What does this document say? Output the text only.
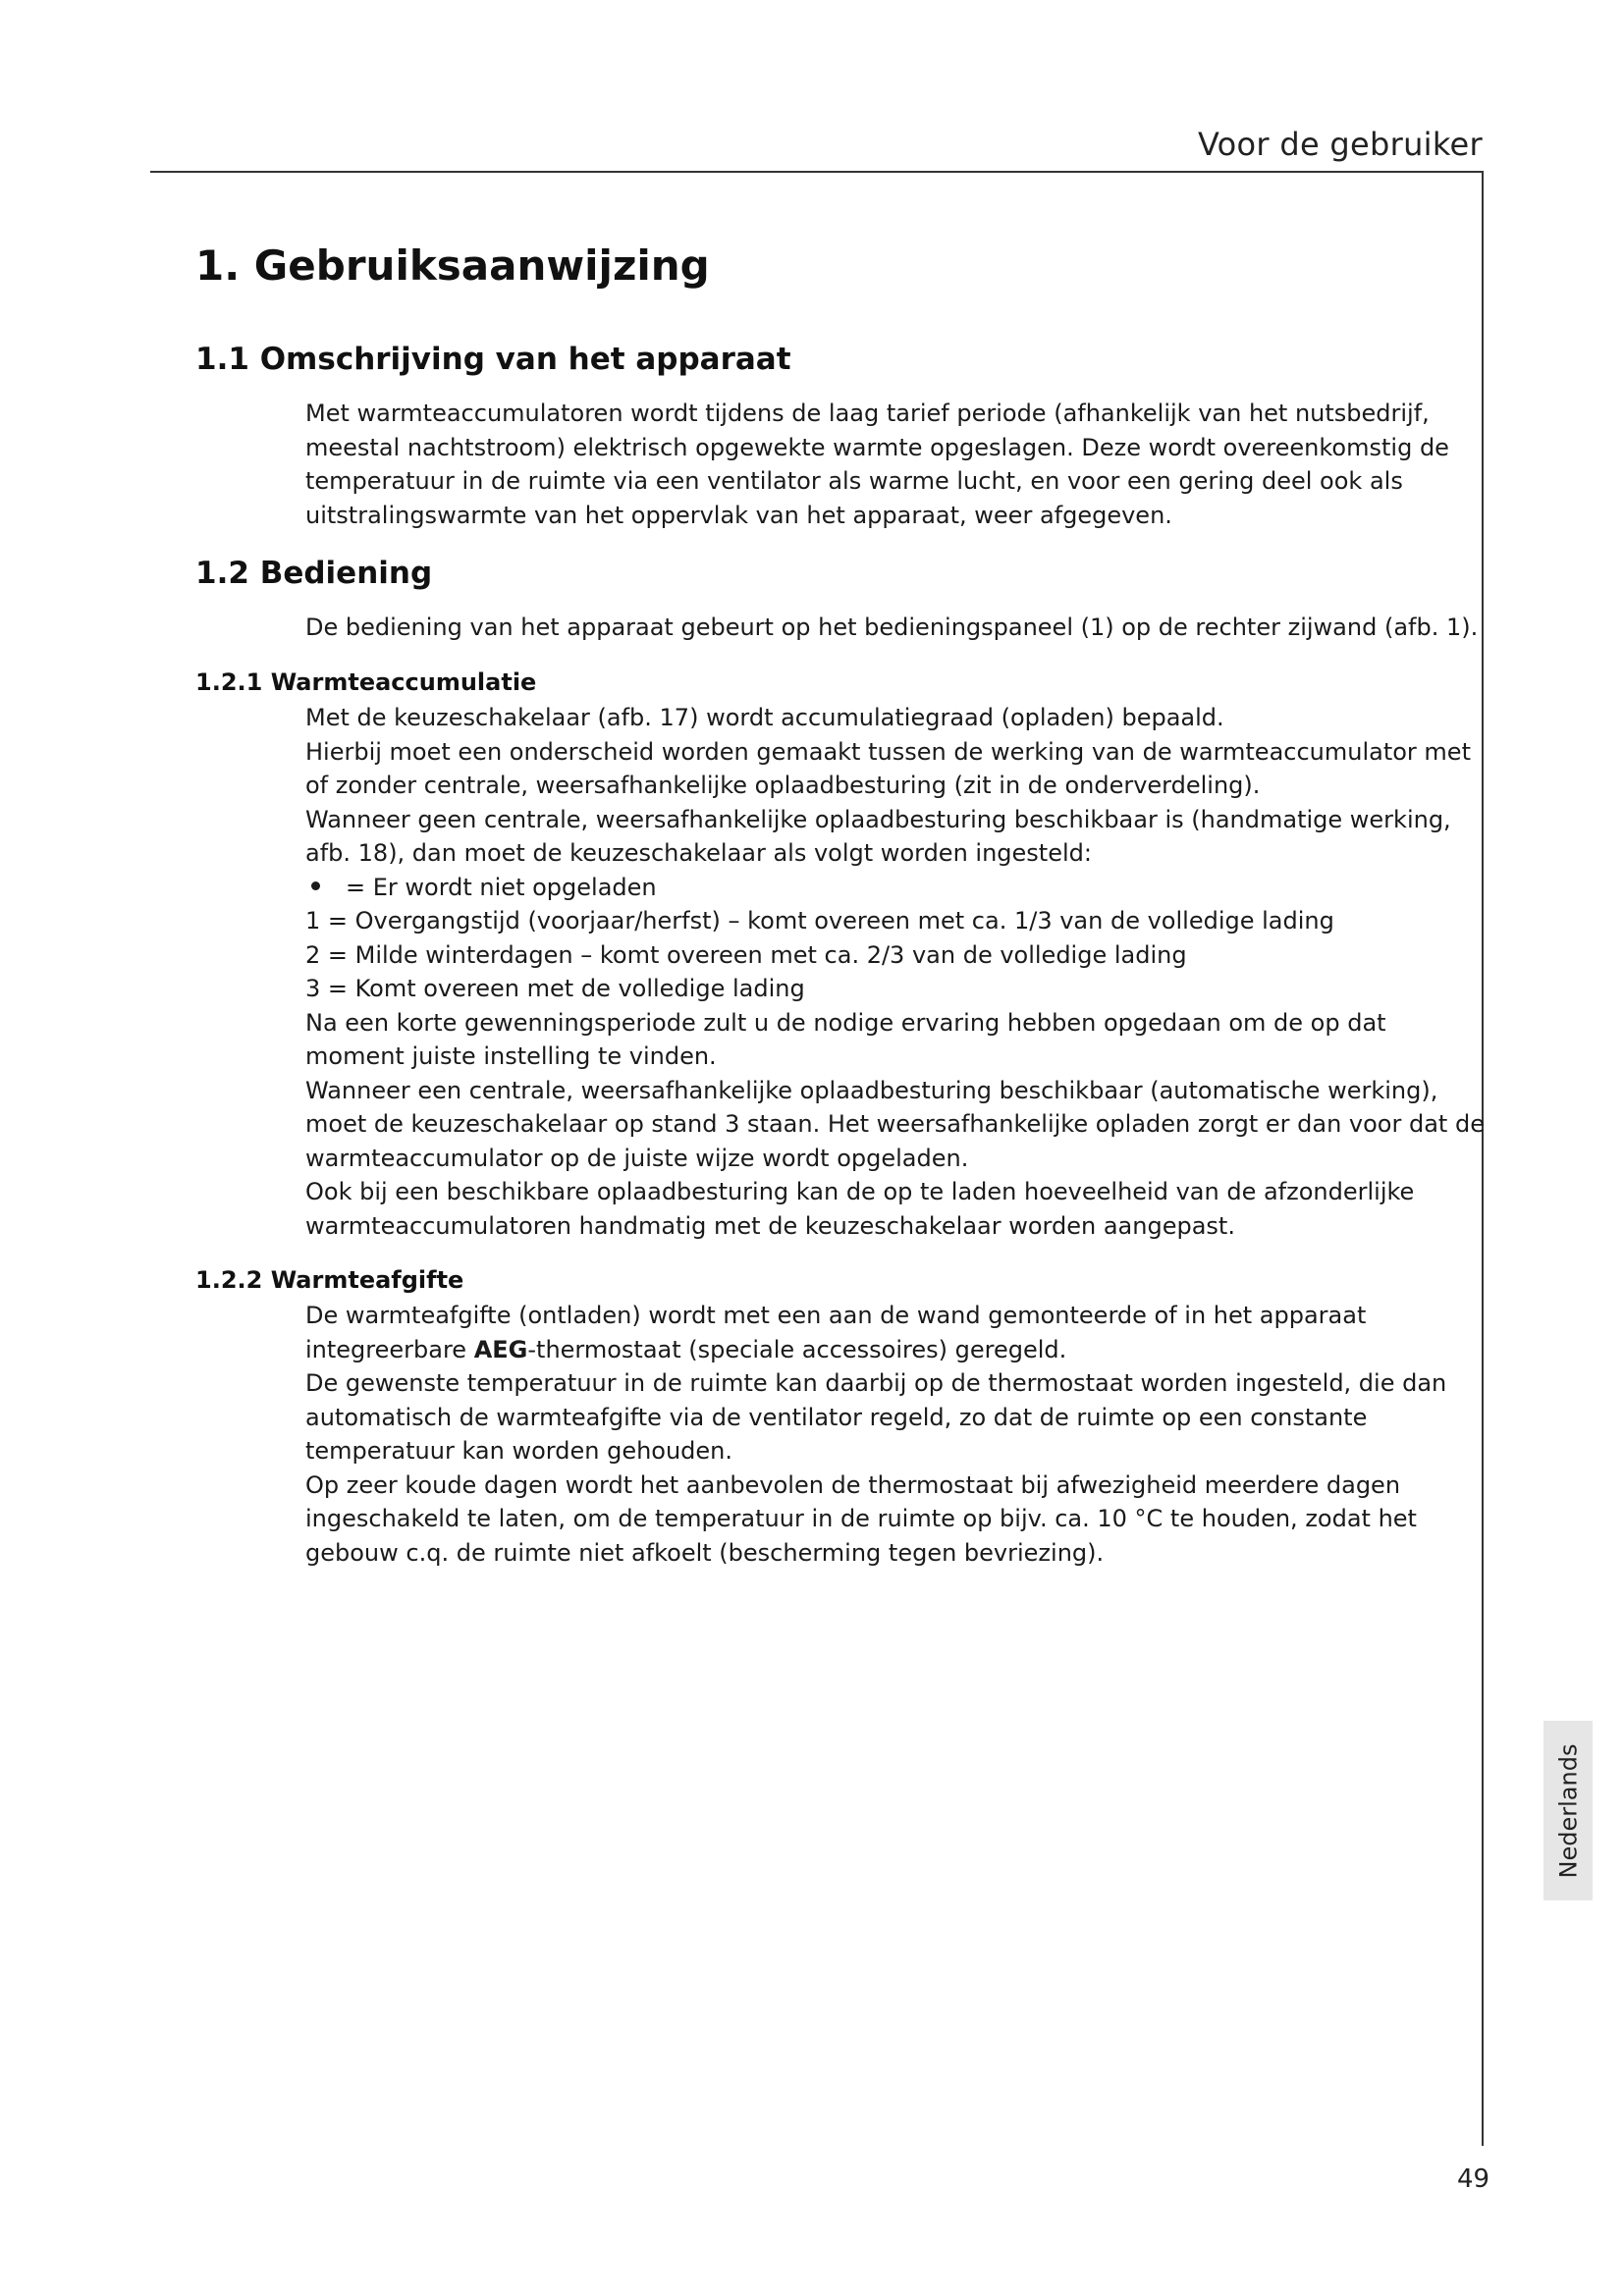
Voor de gebruiker
1. Gebruiksaanwijzing
1.1 Omschrijving van het apparaat

Met warmteaccumulatoren wordt tijdens de laag tarief periode (afhankelijk van het nutsbedrijf,

meestal nachtstroom) elektrisch opgewekte warmte opgeslagen. Deze wordt overeenkomstig de

temperatuur in de ruimte via een ventilator als warme lucht, en voor een gering deel ook als

uitstralingswarmte van het oppervlak van het apparaat, weer afgegeven.

1.2 Bediening

De bediening van het apparaat gebeurt op het bedieningspaneel (1) op de rechter zijwand (afb. 1).

1.2.1 Warmteaccumulatie

Met de keuzeschakelaar (afb. 17) wordt accumulatiegraad (opladen) bepaald.

Hierbij moet een onderscheid worden gemaakt tussen de werking van de warmteaccumulator met

of zonder centrale, weersafhankelijke oplaadbesturing (zit in de onderverdeling).

Wanneer geen centrale, weersafhankelijke oplaadbesturing beschikbaar is (handmatige werking,

afb. 18), dan moet de keuzeschakelaar als volgt worden ingesteld:

= Er wordt niet opgeladen

1 = Overgangstijd (voorjaar/herfst) – komt overeen met ca. 1/3 van de volledige lading

2 = Milde winterdagen – komt overeen met ca. 2/3 van de volledige lading

3 = Komt overeen met de volledige lading

Na een korte gewenningsperiode zult u de nodige ervaring hebben opgedaan om de op dat

moment juiste instelling te vinden.

Wanneer een centrale, weersafhankelijke oplaadbesturing beschikbaar (automatische werking),

moet de keuzeschakelaar op stand 3 staan. Het weersafhankelijke opladen zorgt er dan voor dat de

warmteaccumulator op de juiste wijze wordt opgeladen.

Ook bij een beschikbare oplaadbesturing kan de op te laden hoeveelheid van de afzonderlijke

warmteaccumulatoren handmatig met de keuzeschakelaar worden aangepast.

1.2.2 Warmteafgifte

De warmteafgifte (ontladen) wordt met een aan de wand gemonteerde of in het apparaat

integreerbare AEG-thermostaat (speciale accessoires) geregeld.

De gewenste temperatuur in de ruimte kan daarbij op de thermostaat worden ingesteld, die dan

automatisch de warmteafgifte via de ventilator regeld, zo dat de ruimte op een constante

temperatuur kan worden gehouden.

Op zeer koude dagen wordt het aanbevolen de thermostaat bij afwezigheid meerdere dagen

ingeschakeld te laten, om de temperatuur in de ruimte op bijv. ca. 10 °C te houden, zodat het

gebouw c.q. de ruimte niet afkoelt (bescherming tegen bevriezing).

Nederlands
49
